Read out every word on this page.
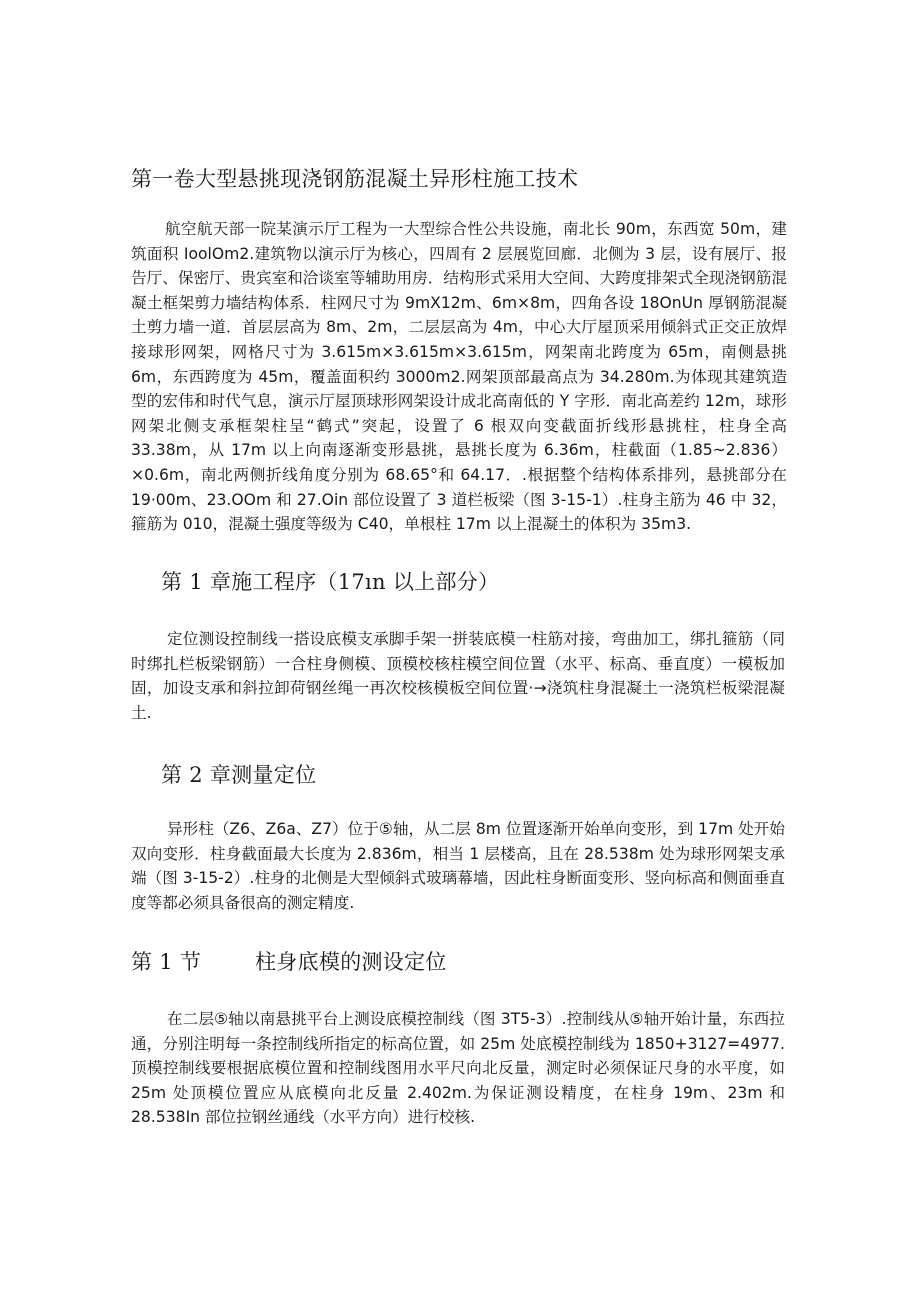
第一卷大型悬挑现浇钢筋混凝土异形柱施工技术

航空航天部一院某演示厅工程为一大型综合性公共设施，南北长 90m，东西宽 50m，建筑面积 IoolOm2.建筑物以演示厅为核心，四周有 2 层展览回廊．北侧为 3 层，设有展厅、报告厅、保密厅、贵宾室和洽谈室等辅助用房．结构形式采用大空间、大跨度排架式全现浇钢筋混凝土框架剪力墙结构体系．柱网尺寸为 9mX12m、6m×8m，四角各设 18OnUn 厚钢筋混凝土剪力墙一道．首层层高为 8m、2m，二层层高为 4m，中心大厅屋顶采用倾斜式正交正放焊接球形网架，网格尺寸为 3.615m×3.615m×3.615m，网架南北跨度为 65m，南侧悬挑 6m，东西跨度为 45m，覆盖面积约 3000m2.网架顶部最高点为 34.280m.为体现其建筑造型的宏伟和时代气息，演示厅屋顶球形网架设计成北高南低的 Y 字形．南北高差约 12m，球形网架北侧支承框架柱呈“鹤式”突起，设置了 6 根双向变截面折线形悬挑柱，柱身全高 33.38m，从 17m 以上向南逐渐变形悬挑，悬挑长度为 6.36m，柱截面（1.85~2.836）×0.6m，南北两侧折线角度分别为 68.65°和 64.17．.根据整个结构体系排列，悬挑部分在 19·00m、23.OOm 和 27.Oin 部位设置了 3 道栏板梁（图 3-15-1）.柱身主筋为 46 中 32，箍筋为 010，混凝土强度等级为 C40，单根柱 17m 以上混凝土的体积为 35m3.

第 1 章施工程序（17ın 以上部分）

定位测设控制线一搭设底模支承脚手架一拼装底模一柱筋对接，弯曲加工，绑扎箍筋（同时绑扎栏板梁钢筋）一合柱身侧模、顶模校核柱模空间位置（水平、标高、垂直度）一模板加固，加设支承和斜拉卸荷钢丝绳一再次校核模板空间位置·→浇筑柱身混凝土一浇筑栏板梁混凝土.

第 2 章测量定位

异形柱（Z6、Z6a、Z7）位于⑤轴，从二层 8m 位置逐渐开始单向变形，到 17m 处开始双向变形．柱身截面最大长度为 2.836m，相当 1 层楼高，且在 28.538m 处为球形网架支承端（图 3-15-2）.柱身的北侧是大型倾斜式玻璃幕墙，因此柱身断面变形、竖向标高和侧面垂直度等都必须具备很高的测定精度.

第 1 节	柱身底模的测设定位

在二层⑤轴以南悬挑平台上测设底模控制线（图 3T5-3）.控制线从⑤轴开始计量，东西拉通，分别注明每一条控制线所指定的标高位置，如 25m 处底模控制线为 1850+3127=4977.顶模控制线要根据底模位置和控制线图用水平尺向北反量，测定时必须保证尺身的水平度，如 25m 处顶模位置应从底模向北反量 2.402m.为保证测设精度，在柱身 19m、23m 和 28.538In 部位拉钢丝通线（水平方向）进行校核.
